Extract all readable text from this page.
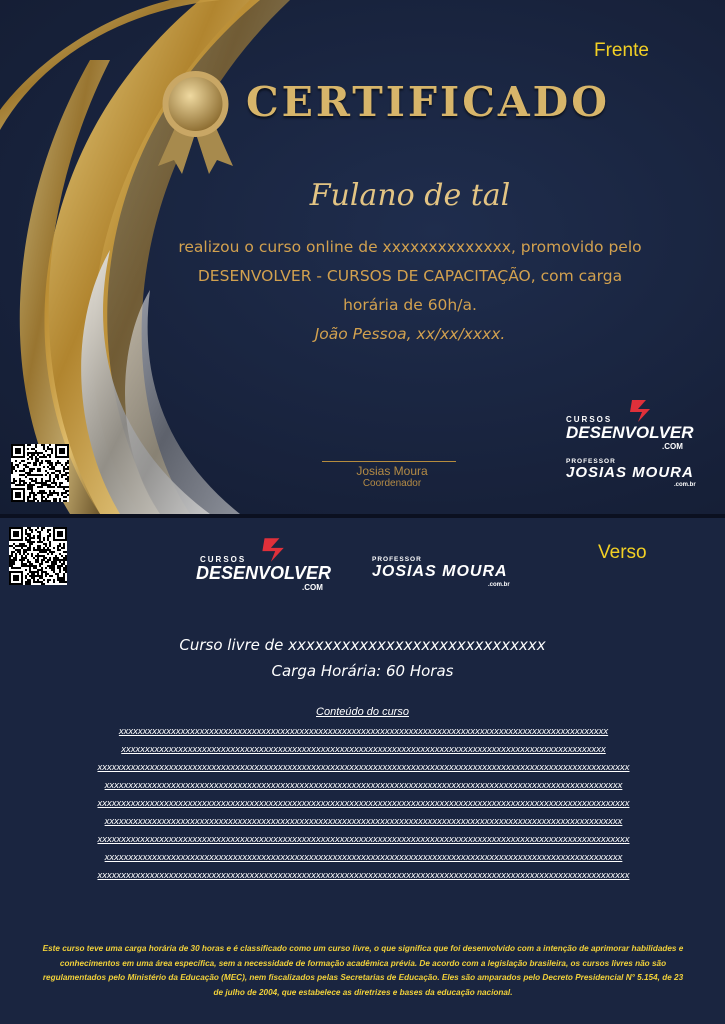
Frente
CERTIFICADO
Fulano de tal
realizou o curso online de xxxxxxxxxxxxxx, promovido pelo
DESENVOLVER - CURSOS DE CAPACITAÇÃO, com carga
horária de 60h/a.
João Pessoa, xx/xx/xxxx.
Josias Moura
Coordenador
CURSOS
DESENVOLVER
.COM
PROFESSOR
JOSIAS MOURA
.com.br
Verso
CURSOS
DESENVOLVER
.COM
PROFESSOR
JOSIAS MOURA
.com.br
Curso livre de xxxxxxxxxxxxxxxxxxxxxxxxxxxxx
Carga Horária: 60 Horas
Conteúdo do curso
xxxxxxxxxxxxxxxxxxxxxxxxxxxxxxxxxxxxxxxxxxxxxxxxxxxxxxxxxxxxxxxxxxxxxxxxxxxxxxxxxxxxxxxxxxxxxxxxxxxxxxx
xxxxxxxxxxxxxxxxxxxxxxxxxxxxxxxxxxxxxxxxxxxxxxxxxxxxxxxxxxxxxxxxxxxxxxxxxxxxxxxxxxxxxxxxxxxxxxxxxxxxxx
xxxxxxxxxxxxxxxxxxxxxxxxxxxxxxxxxxxxxxxxxxxxxxxxxxxxxxxxxxxxxxxxxxxxxxxxxxxxxxxxxxxxxxxxxxxxxxxxxxxxxxxxxxxxxxxx
xxxxxxxxxxxxxxxxxxxxxxxxxxxxxxxxxxxxxxxxxxxxxxxxxxxxxxxxxxxxxxxxxxxxxxxxxxxxxxxxxxxxxxxxxxxxxxxxxxxxxxxxxxxxx
xxxxxxxxxxxxxxxxxxxxxxxxxxxxxxxxxxxxxxxxxxxxxxxxxxxxxxxxxxxxxxxxxxxxxxxxxxxxxxxxxxxxxxxxxxxxxxxxxxxxxxxxxxxxxxxx
xxxxxxxxxxxxxxxxxxxxxxxxxxxxxxxxxxxxxxxxxxxxxxxxxxxxxxxxxxxxxxxxxxxxxxxxxxxxxxxxxxxxxxxxxxxxxxxxxxxxxxxxxxxxx
xxxxxxxxxxxxxxxxxxxxxxxxxxxxxxxxxxxxxxxxxxxxxxxxxxxxxxxxxxxxxxxxxxxxxxxxxxxxxxxxxxxxxxxxxxxxxxxxxxxxxxxxxxxxxxxx
xxxxxxxxxxxxxxxxxxxxxxxxxxxxxxxxxxxxxxxxxxxxxxxxxxxxxxxxxxxxxxxxxxxxxxxxxxxxxxxxxxxxxxxxxxxxxxxxxxxxxxxxxxxxx
xxxxxxxxxxxxxxxxxxxxxxxxxxxxxxxxxxxxxxxxxxxxxxxxxxxxxxxxxxxxxxxxxxxxxxxxxxxxxxxxxxxxxxxxxxxxxxxxxxxxxxxxxxxxxxxx
Este curso teve uma carga horária de 30 horas e é classificado como um curso livre, o que significa que foi desenvolvido com a intenção de aprimorar habilidades e conhecimentos em uma área específica, sem a necessidade de formação acadêmica prévia. De acordo com a legislação brasileira, os cursos livres não são regulamentados pelo Ministério da Educação (MEC), nem fiscalizados pelas Secretarias de Educação. Eles são amparados pelo Decreto Presidencial N° 5.154, de 23 de julho de 2004, que estabelece as diretrizes e bases da educação nacional.
